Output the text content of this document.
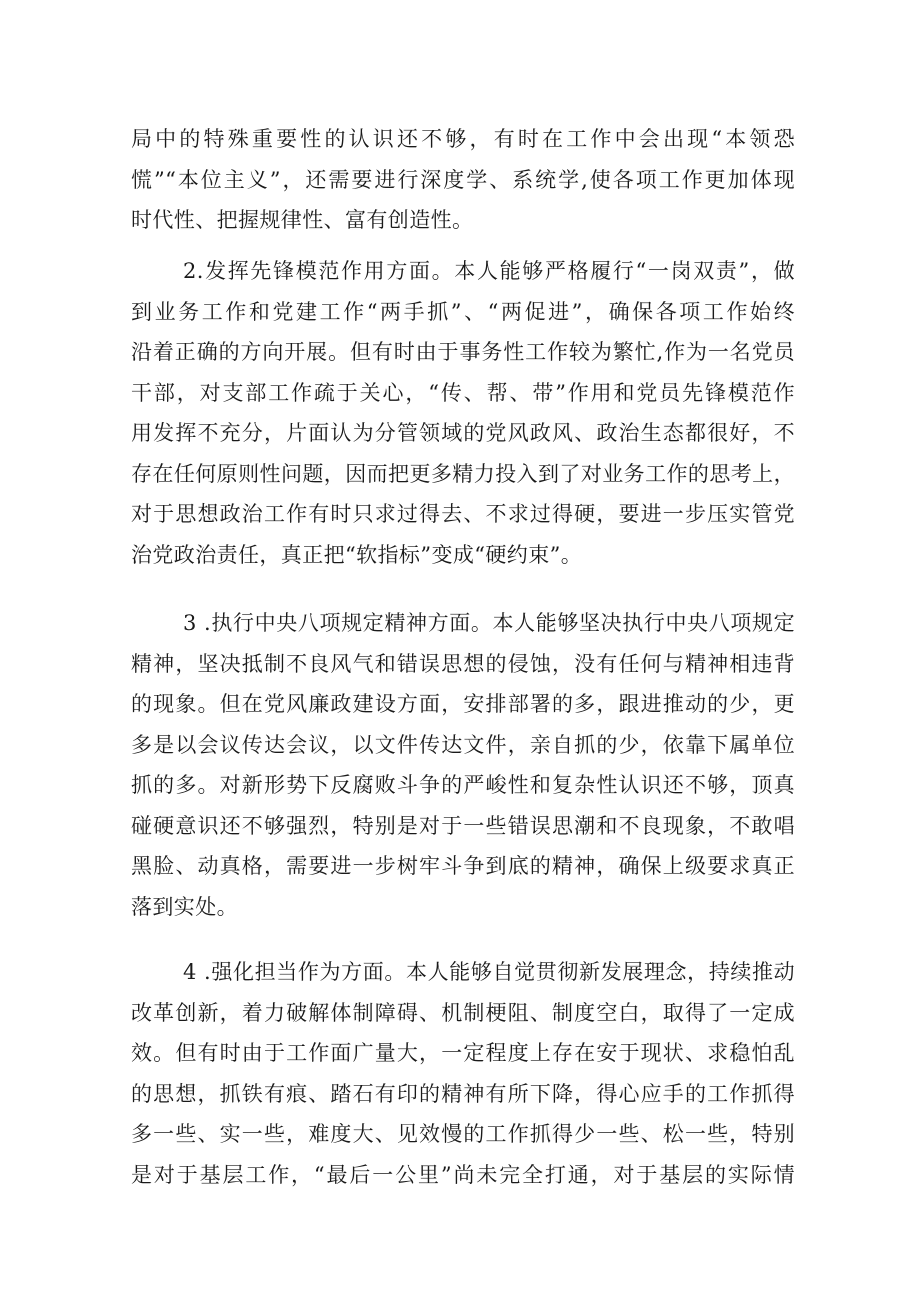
局中的特殊重要性的认识还不够，有时在工作中会出现“本领恐
慌”“本位主义”，还需要进行深度学、系统学,使各项工作更加体现
时代性、把握规律性、富有创造性。
2.发挥先锋模范作用方面。本人能够严格履行“一岗双责”，做
到业务工作和党建工作“两手抓”、“两促进”，确保各项工作始终
沿着正确的方向开展。但有时由于事务性工作较为繁忙,作为一名党员
干部，对支部工作疏于关心，“传、帮、带”作用和党员先锋模范作
用发挥不充分，片面认为分管领域的党风政风、政治生态都很好，不
存在任何原则性问题，因而把更多精力投入到了对业务工作的思考上，
对于思想政治工作有时只求过得去、不求过得硬，要进一步压实管党
治党政治责任，真正把“软指标”变成“硬约束”。
3 .执行中央八项规定精神方面。本人能够坚决执行中央八项规定
精神，坚决抵制不良风气和错误思想的侵蚀，没有任何与精神相违背
的现象。但在党风廉政建设方面，安排部署的多，跟进推动的少，更
多是以会议传达会议，以文件传达文件，亲自抓的少，依靠下属单位
抓的多。对新形势下反腐败斗争的严峻性和复杂性认识还不够，顶真
碰硬意识还不够强烈，特别是对于一些错误思潮和不良现象，不敢唱
黑脸、动真格，需要进一步树牢斗争到底的精神，确保上级要求真正
落到实处。
4 .强化担当作为方面。本人能够自觉贯彻新发展理念，持续推动
改革创新，着力破解体制障碍、机制梗阻、制度空白，取得了一定成
效。但有时由于工作面广量大，一定程度上存在安于现状、求稳怕乱
的思想，抓铁有痕、踏石有印的精神有所下降，得心应手的工作抓得
多一些、实一些，难度大、见效慢的工作抓得少一些、松一些，特别
是对于基层工作，“最后一公里”尚未完全打通，对于基层的实际情
